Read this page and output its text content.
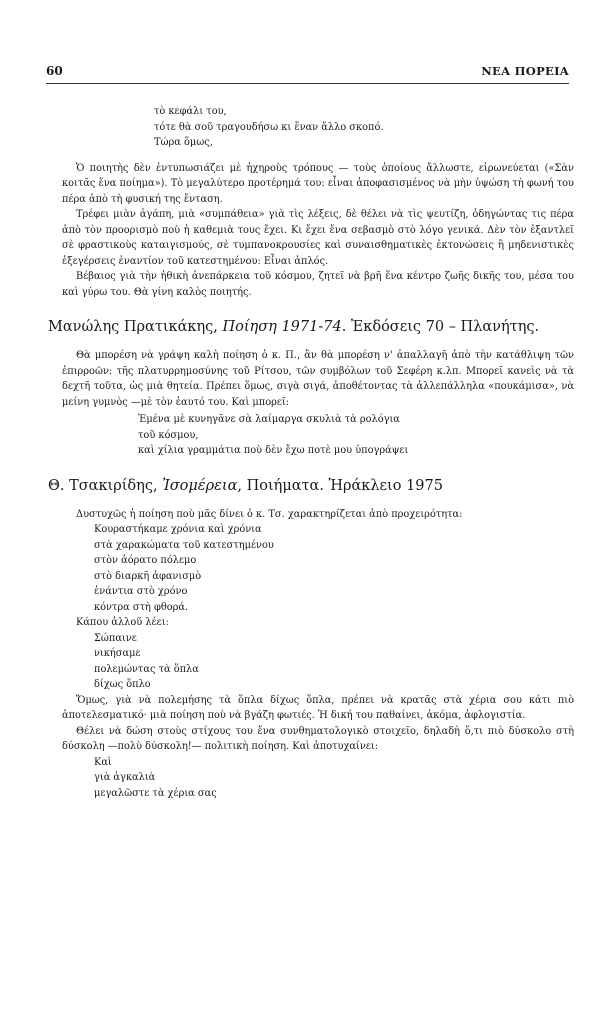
60	ΝΕΑ ΠΟΡΕΙΑ
τὸ κεφάλι του,
τότε θὰ σοῦ τραγουδήσω κι ἕναν ἄλλο σκοπό.
Τώρα ὅμως,

Ὁ ποιητὴς δὲν ἐντυπωσιάζει μὲ ἠχηροὺς τρόπους — τοὺς ὁποίους ἄλλωστε, εἰρωνεύεται («Σὰν κοιτᾶς ἕνα ποίημα»). Τὸ μεγαλύτερο προτέρημά του: εἶναι ἀποφασισμένος νὰ μὴν ὑψώση τὴ φωνή του πέρα ἀπὸ τὴ φυσική της ἔνταση.

Τρέφει μιὰν ἀγάπη, μιὰ «συμπάθεια» γιὰ τὶς λέξεις, δὲ θέλει νὰ τὶς ψευτίζη, ὁδηγώντας τις πέρα ἀπὸ τὸν προορισμὸ ποὺ ἡ καθεμιὰ τους ἔχει. Κι ἔχει ἕνα σεβασμὸ στὸ λόγο γενικά. Δὲν τὸν ἐξαντλεῖ σὲ φραστικοὺς καταιγισμούς, σὲ τυμπανοκρουσίες καὶ συναισθηματικὲς ἐκτονώσεις ἢ μηδενιστικὲς ἐξεγέρσεις ἐναντίον τοῦ κατεστημένου: Εἶναι ἁπλός.

Βέβαιος γιὰ τὴν ἠθικὴ ἀνεπάρκεια τοῦ κόσμου, ζητεῖ νὰ βρῆ ἕνα κέντρο ζωῆς δικῆς του, μέσα του καὶ γύρω του. Θὰ γίνη καλὸς ποιητής.

Μανώλης Πρατικάκης, Ποίηση 1971-74. Ἐκδόσεις 70 – Πλανήτης.

Θὰ μπορέση νὰ γράψη καλὴ ποίηση ὁ κ. Π., ἂν θὰ μπορέση ν' ἀπαλλαγῆ ἀπὸ τὴν κατάθλιψη τῶν ἐπιρροῶν: τῆς πλατυρρημοσύνης τοῦ Ρίτσου, τῶν συμβόλων τοῦ Σεφέρη κ.λπ. Μπορεῖ κανεὶς νὰ τὰ δεχτῆ τοῦτα, ὡς μιὰ θητεία. Πρέπει ὅμως, σιγὰ σιγά, ἀποθέτοντας τὰ ἀλλεπάλληλα «πουκάμισα», νὰ μείνη γυμνὸς —μὲ τὸν ἑαυτό του. Καὶ μπορεῖ:

Ἐμένα μὲ κυνηγᾶνε σὰ λαίμαργα σκυλιὰ τὰ ρολόγια
τοῦ κόσμου,
καὶ χίλια γραμμάτια ποὺ δὲν ἔχω ποτὲ μου ὑπογράψει
Θ. Τσακιρίδης, Ἰσομέρεια, Ποιήματα. Ἡράκλειο 1975

Δυστυχῶς ἡ ποίηση ποὺ μᾶς δίνει ὁ κ. Τσ. χαρακτηρίζεται ἀπὸ προχειρότητα:

Κουραστήκαμε χρόνια καὶ χρόνια
στὰ χαρακώματα τοῦ κατεστημένου
στὸν ἀόρατο πόλεμο
στὸ διαρκῆ ἀφανισμὸ
ἐνάντια στὸ χρόνο
κόντρα στὴ φθορά.

Κάπου ἀλλοῦ λέει:

Σώπαινε
νικήσαμε
πολεμώντας τὰ ὅπλα
δίχως ὅπλο

Ὅμως, γιὰ νὰ πολεμήσης τὰ ὅπλα δίχως ὅπλα, πρέπει νὰ κρατᾶς στὰ χέρια σου κάτι πιὸ ἀποτελεσματικό· μιὰ ποίηση ποὺ νὰ βγάζη φωτιές. Ἡ δική του παθαίνει, ἀκόμα, ἀφλογιστία.

Θέλει νὰ δώση στοὺς στίχους του ἕνα συνθηματολογικὸ στοιχεῖο, δηλαδὴ ὅ,τι πιὸ δύσκολο στὴ δύσκολη —πολὺ δύσκολη!— πολιτικὴ ποίηση. Καὶ ἀποτυχαίνει:

Καὶ
γιὰ ἀγκαλιὰ
μεγαλῶστε τὰ χέρια σας
